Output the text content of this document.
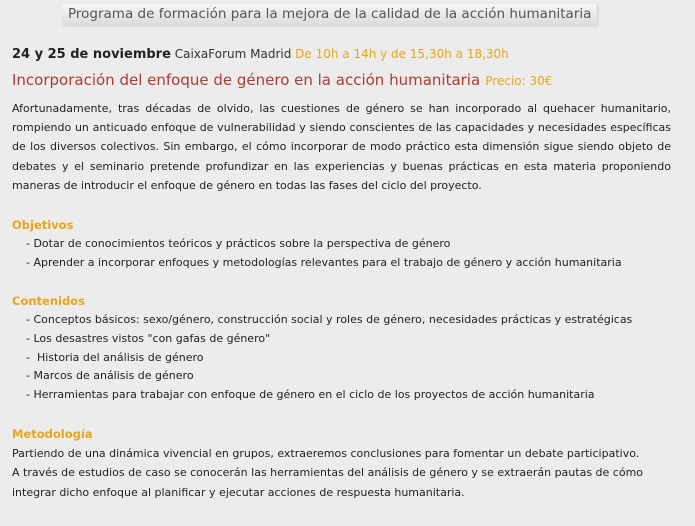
Programa de formación para la mejora de la calidad de la acción humanitaria
24 y 25 de noviembre CaixaForum Madrid De 10h a 14h y de 15,30h a 18,30h
Incorporación del enfoque de género en la acción humanitaria Precio: 30€

Afortunadamente, tras décadas de olvido, las cuestiones de género se han incorporado al quehacer humanitario, rompiendo un anticuado enfoque de vulnerabilidad y siendo conscientes de las capacidades y necesidades específicas de los diversos colectivos. Sin embargo, el cómo incorporar de modo práctico esta dimensión sigue siendo objeto de debates y el seminario pretende profundizar en las experiencias y buenas prácticas en esta materia proponiendo maneras de introducir el enfoque de género en todas las fases del ciclo del proyecto.

Objetivos
- Dotar de conocimientos teóricos y prácticos sobre la perspectiva de género
- Aprender a incorporar enfoques y metodologías relevantes para el trabajo de género y acción humanitaria
Contenidos
- Conceptos básicos: sexo/género, construcción social y roles de género, necesidades prácticas y estratégicas
- Los desastres vistos "con gafas de género"
-  Historia del análisis de género
- Marcos de análisis de género
- Herramientas para trabajar con enfoque de género en el ciclo de los proyectos de acción humanitaria
Metodología

Partiendo de una dinámica vivencial en grupos, extraeremos conclusiones para fomentar un debate participativo.

A través de estudios de caso se conocerán las herramientas del análisis de género y se extraerán pautas de cómo integrar dicho enfoque al planificar y ejecutar acciones de respuesta humanitaria.
